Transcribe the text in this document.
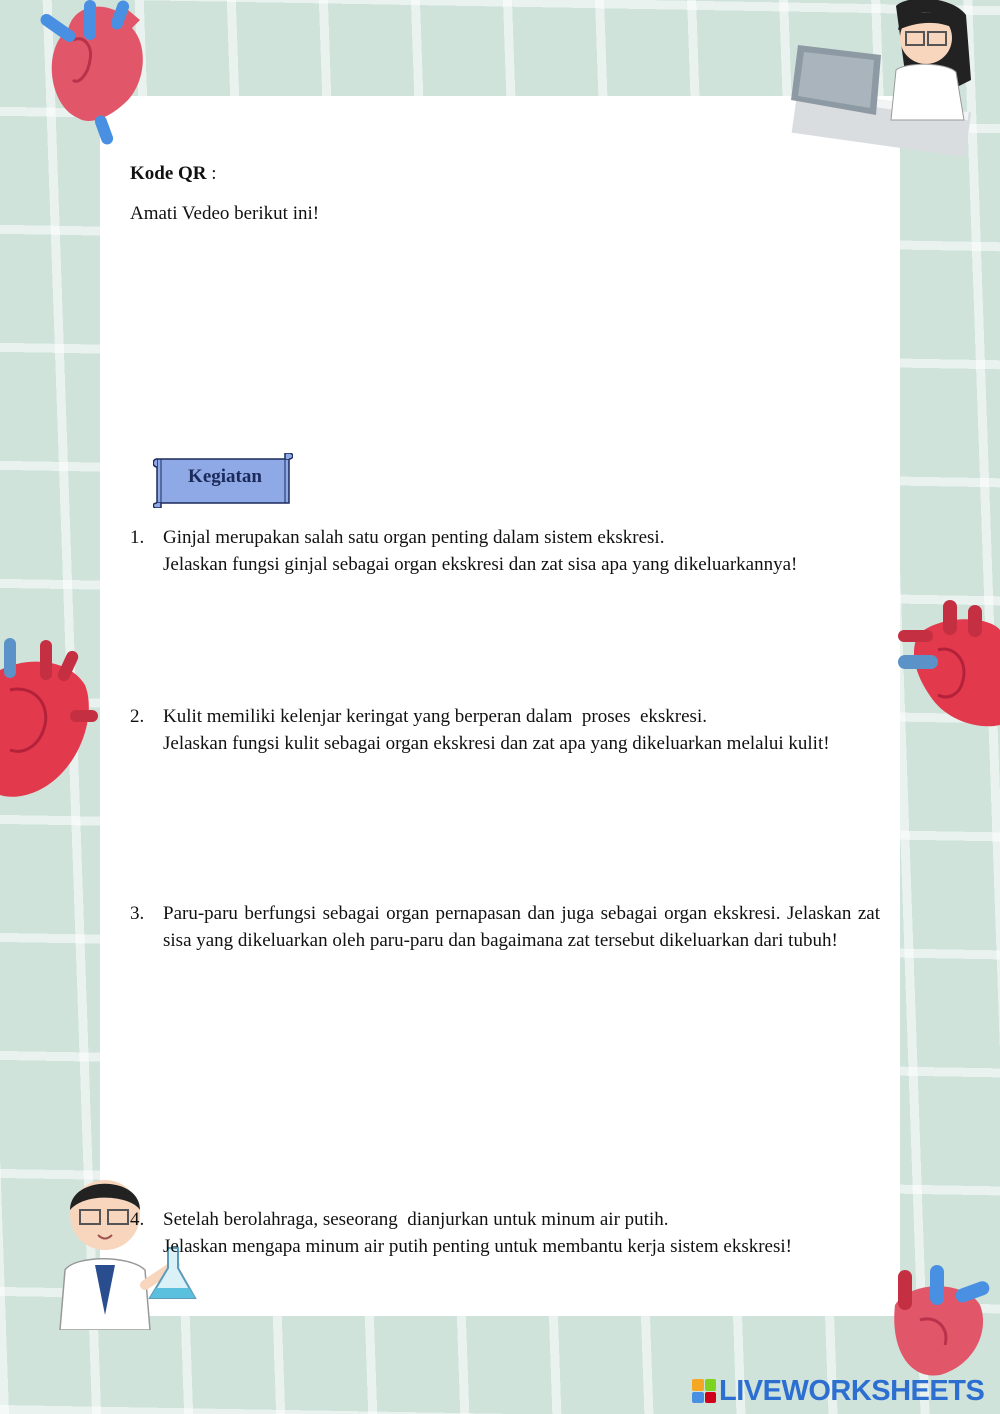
Kode QR :
Amati Vedeo berikut ini!
Kegiatan
1. Ginjal merupakan salah satu organ penting dalam sistem ekskresi.
Jelaskan fungsi ginjal sebagai organ ekskresi dan zat sisa apa yang dikeluarkannya!
2. Kulit memiliki kelenjar keringat yang berperan dalam  proses  ekskresi.
Jelaskan fungsi kulit sebagai organ ekskresi dan zat apa yang dikeluarkan melalui kulit!
3. Paru-paru berfungsi sebagai organ pernapasan dan juga sebagai organ ekskresi. Jelaskan zat sisa yang dikeluarkan oleh paru-paru dan bagaimana zat tersebut dikeluarkan dari tubuh!
4. Setelah berolahraga, seseorang  dianjurkan untuk minum air putih.
Jelaskan mengapa minum air putih penting untuk membantu kerja sistem ekskresi!
LIVEWORKSHEETS
